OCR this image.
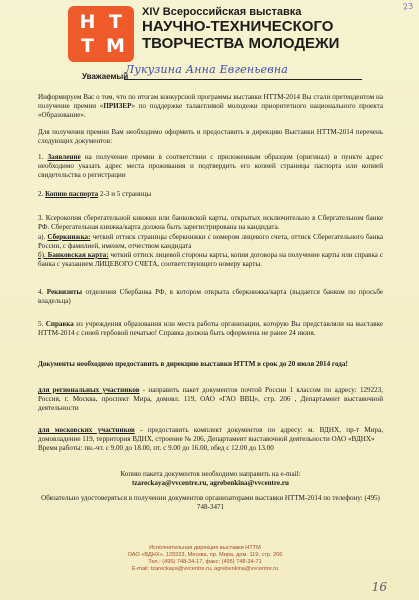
23
Н Т
Т М
XIV Всероссийская выставка
НАУЧНО-ТЕХНИЧЕСКОГО
ТВОРЧЕСТВА МОЛОДЕЖИ
Уважаемый
Лукузина Анна Евгеньевна
Информируем Вас о том, что по итогам конкурсной программы выставки НТТМ-2014 Вы стали претендентом на получение премии «ПРИЗЕР» по поддержке талантливой молодежи приоритетного национального проекта «Образование».
Для получения премии Вам необходимо оформить и предоставить в дирекцию Выставки НТТМ-2014 перечень следующих документов:
1. Заявление на получение премии в соответствии с приложенным образцом (оригинал) в пункте адрес необходимо указать адрес места проживания и подтвердить его копией страницы паспорта или копией свидетельства о регистрации
2. Копию паспорта 2-3 и 5 страницы
3. Ксерокопия сберегательной книжки или банковской карты, открытых исключительно в Сбергательном банке РФ. Сберегательная книжка/карта должна быть зарегистрирована на кандидата.
а). Сберкнижка: четкий оттиск страницы сберкнижки с номером лицевого счета, оттиск Сберегательного банка России, с фамилией, именем, отчеством кандидата
б). Банковская карта: четкий оттиск лицевой стороны карты, копия договора на получение карты или справка с банка с указанием ЛИЦЕВОГО СЧЕТА, соответствующего номеру карты.
4. Реквизиты отделения Сбербанка РФ, в котором открыта сберкнижка/карта (выдается банком по просьбе владельца)
5. Справка из учреждения образования или места работы организации, которую Вы представляли на выставке НТТМ-2014 с синей гербовой печатью! Справка должна быть оформлена не ранее 24 июня.
Документы необходимо предоставить в дирекцию выставки НТТМ в срок до 20 июля 2014 года!
для региональных участников - направить пакет документов почтой России 1 классом по адресу: 129223, Россия, г. Москва, проспект Мира, домовл. 119, ОАО «ГАО ВВЦ», стр. 206 , Департамент выставочной деятельности
для московских участников - предоставить комплект документов по адресу: м. ВДНХ, пр-т Мира, домовладение 119, территория ВДНХ, строение № 206, Департамент выставочной деятельности ОАО «ВДНХ»
Время работы: пн.-чт. с 9.00 до 18.00, пт. с 9.00 до 16.00, обед с 12.00 до 13.00
Копию пакета документов необходимо направить на e-mail:
tzareckaya@vvcentre.ru, agrebenkina@vvcentre.ru
Обязательно удостоверяться в получении документов организаторами выставки НТТМ-2014 по телефону: (495) 748-3471
Исполнительная дирекция выставки НТТМ
ОАО «ВДНХ», 129223, Москва, пр. Мира, дом. 119, стр. 206
Тел.: (495) 748-34-17, факс: (495) 748-34-71
E-mail: tzareckaya@vvcentre.ru, agrebenkina@vvcentre.ru
16
